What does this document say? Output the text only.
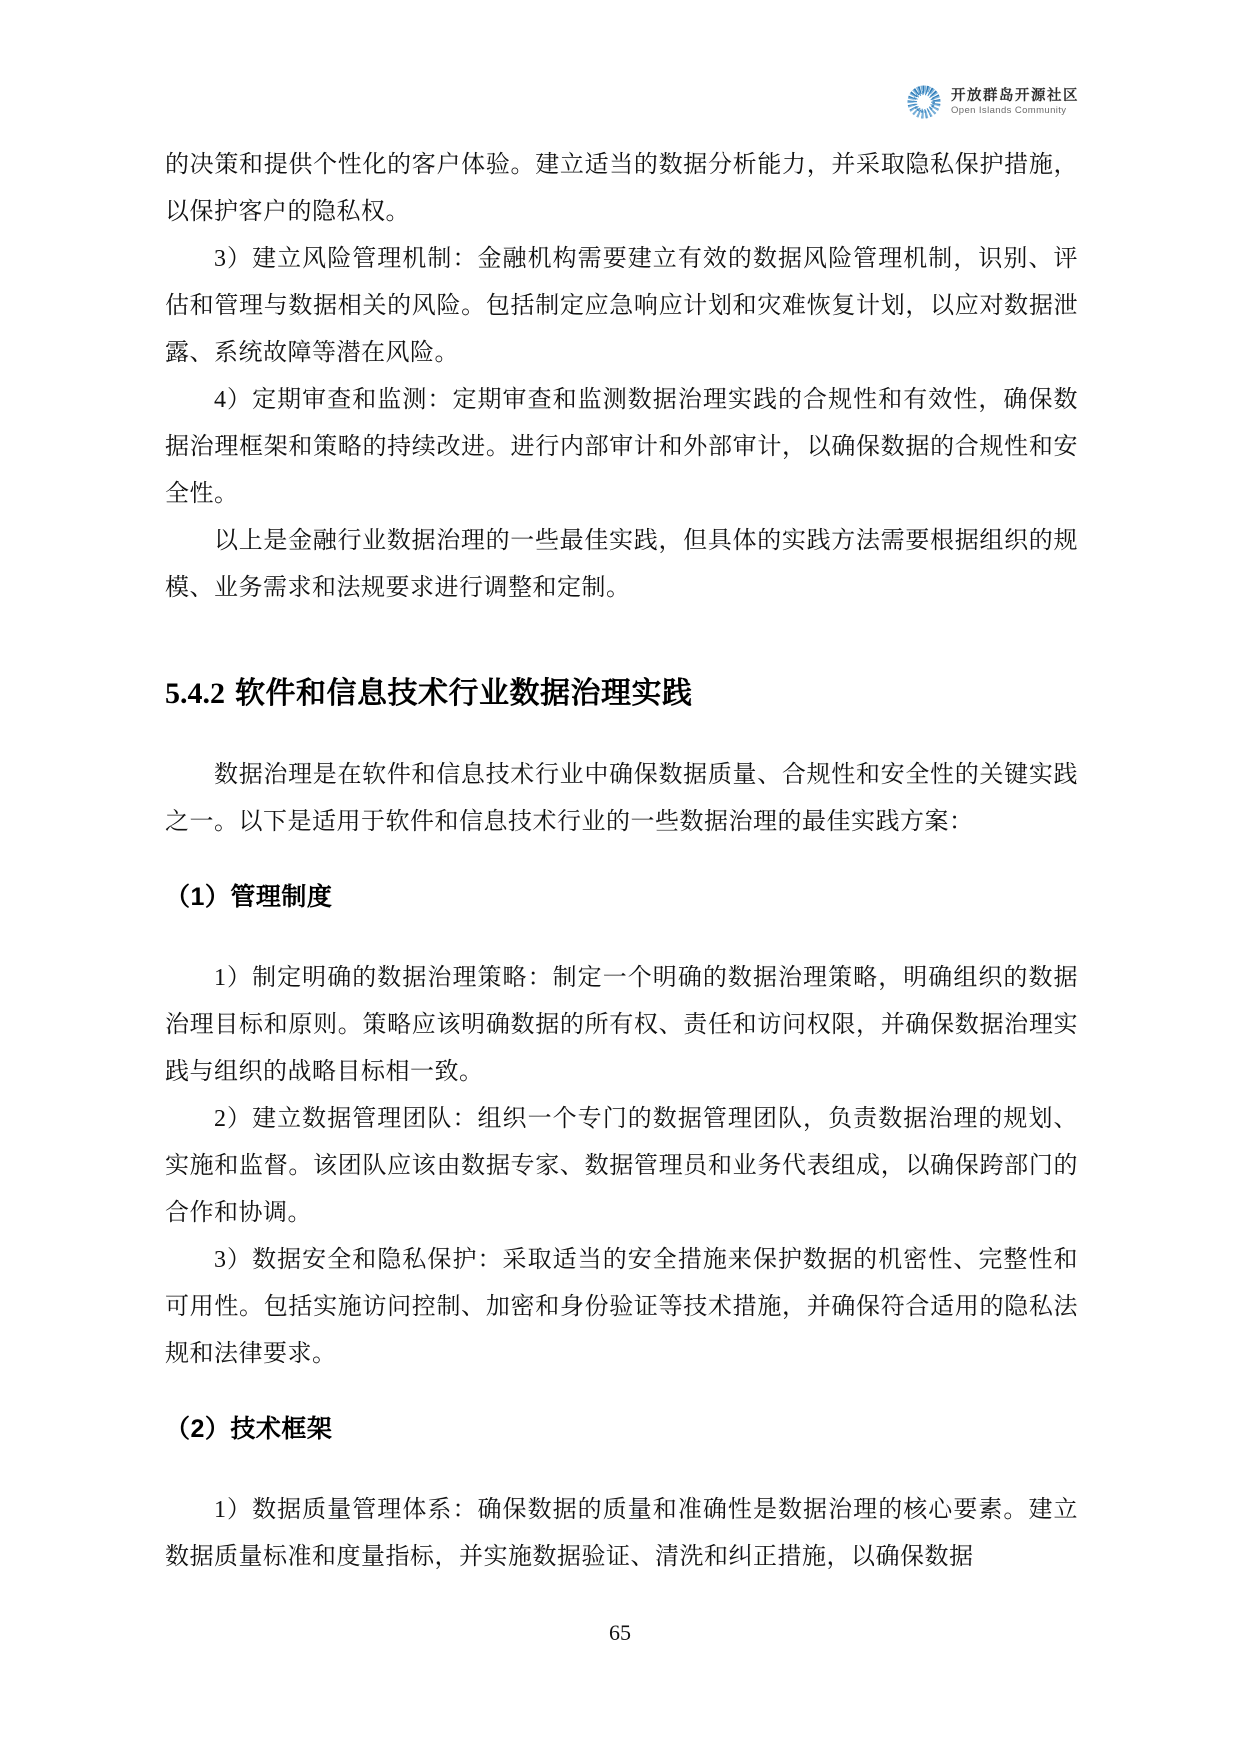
开放群岛开源社区
Open Islands Community

的决策和提供个性化的客户体验。建立适当的数据分析能力，并采取隐私保护措施，以保护客户的隐私权。

3）建立风险管理机制：金融机构需要建立有效的数据风险管理机制，识别、评估和管理与数据相关的风险。包括制定应急响应计划和灾难恢复计划，以应对数据泄露、系统故障等潜在风险。

4）定期审查和监测：定期审查和监测数据治理实践的合规性和有效性，确保数据治理框架和策略的持续改进。进行内部审计和外部审计，以确保数据的合规性和安全性。

以上是金融行业数据治理的一些最佳实践，但具体的实践方法需要根据组织的规模、业务需求和法规要求进行调整和定制。

5.4.2 软件和信息技术行业数据治理实践

数据治理是在软件和信息技术行业中确保数据质量、合规性和安全性的关键实践之一。以下是适用于软件和信息技术行业的一些数据治理的最佳实践方案：

（1）管理制度

1）制定明确的数据治理策略：制定一个明确的数据治理策略，明确组织的数据治理目标和原则。策略应该明确数据的所有权、责任和访问权限，并确保数据治理实践与组织的战略目标相一致。

2）建立数据管理团队：组织一个专门的数据管理团队，负责数据治理的规划、实施和监督。该团队应该由数据专家、数据管理员和业务代表组成，以确保跨部门的合作和协调。

3）数据安全和隐私保护：采取适当的安全措施来保护数据的机密性、完整性和可用性。包括实施访问控制、加密和身份验证等技术措施，并确保符合适用的隐私法规和法律要求。

（2）技术框架

1）数据质量管理体系：确保数据的质量和准确性是数据治理的核心要素。建立数据质量标准和度量指标，并实施数据验证、清洗和纠正措施，以确保数据

65
